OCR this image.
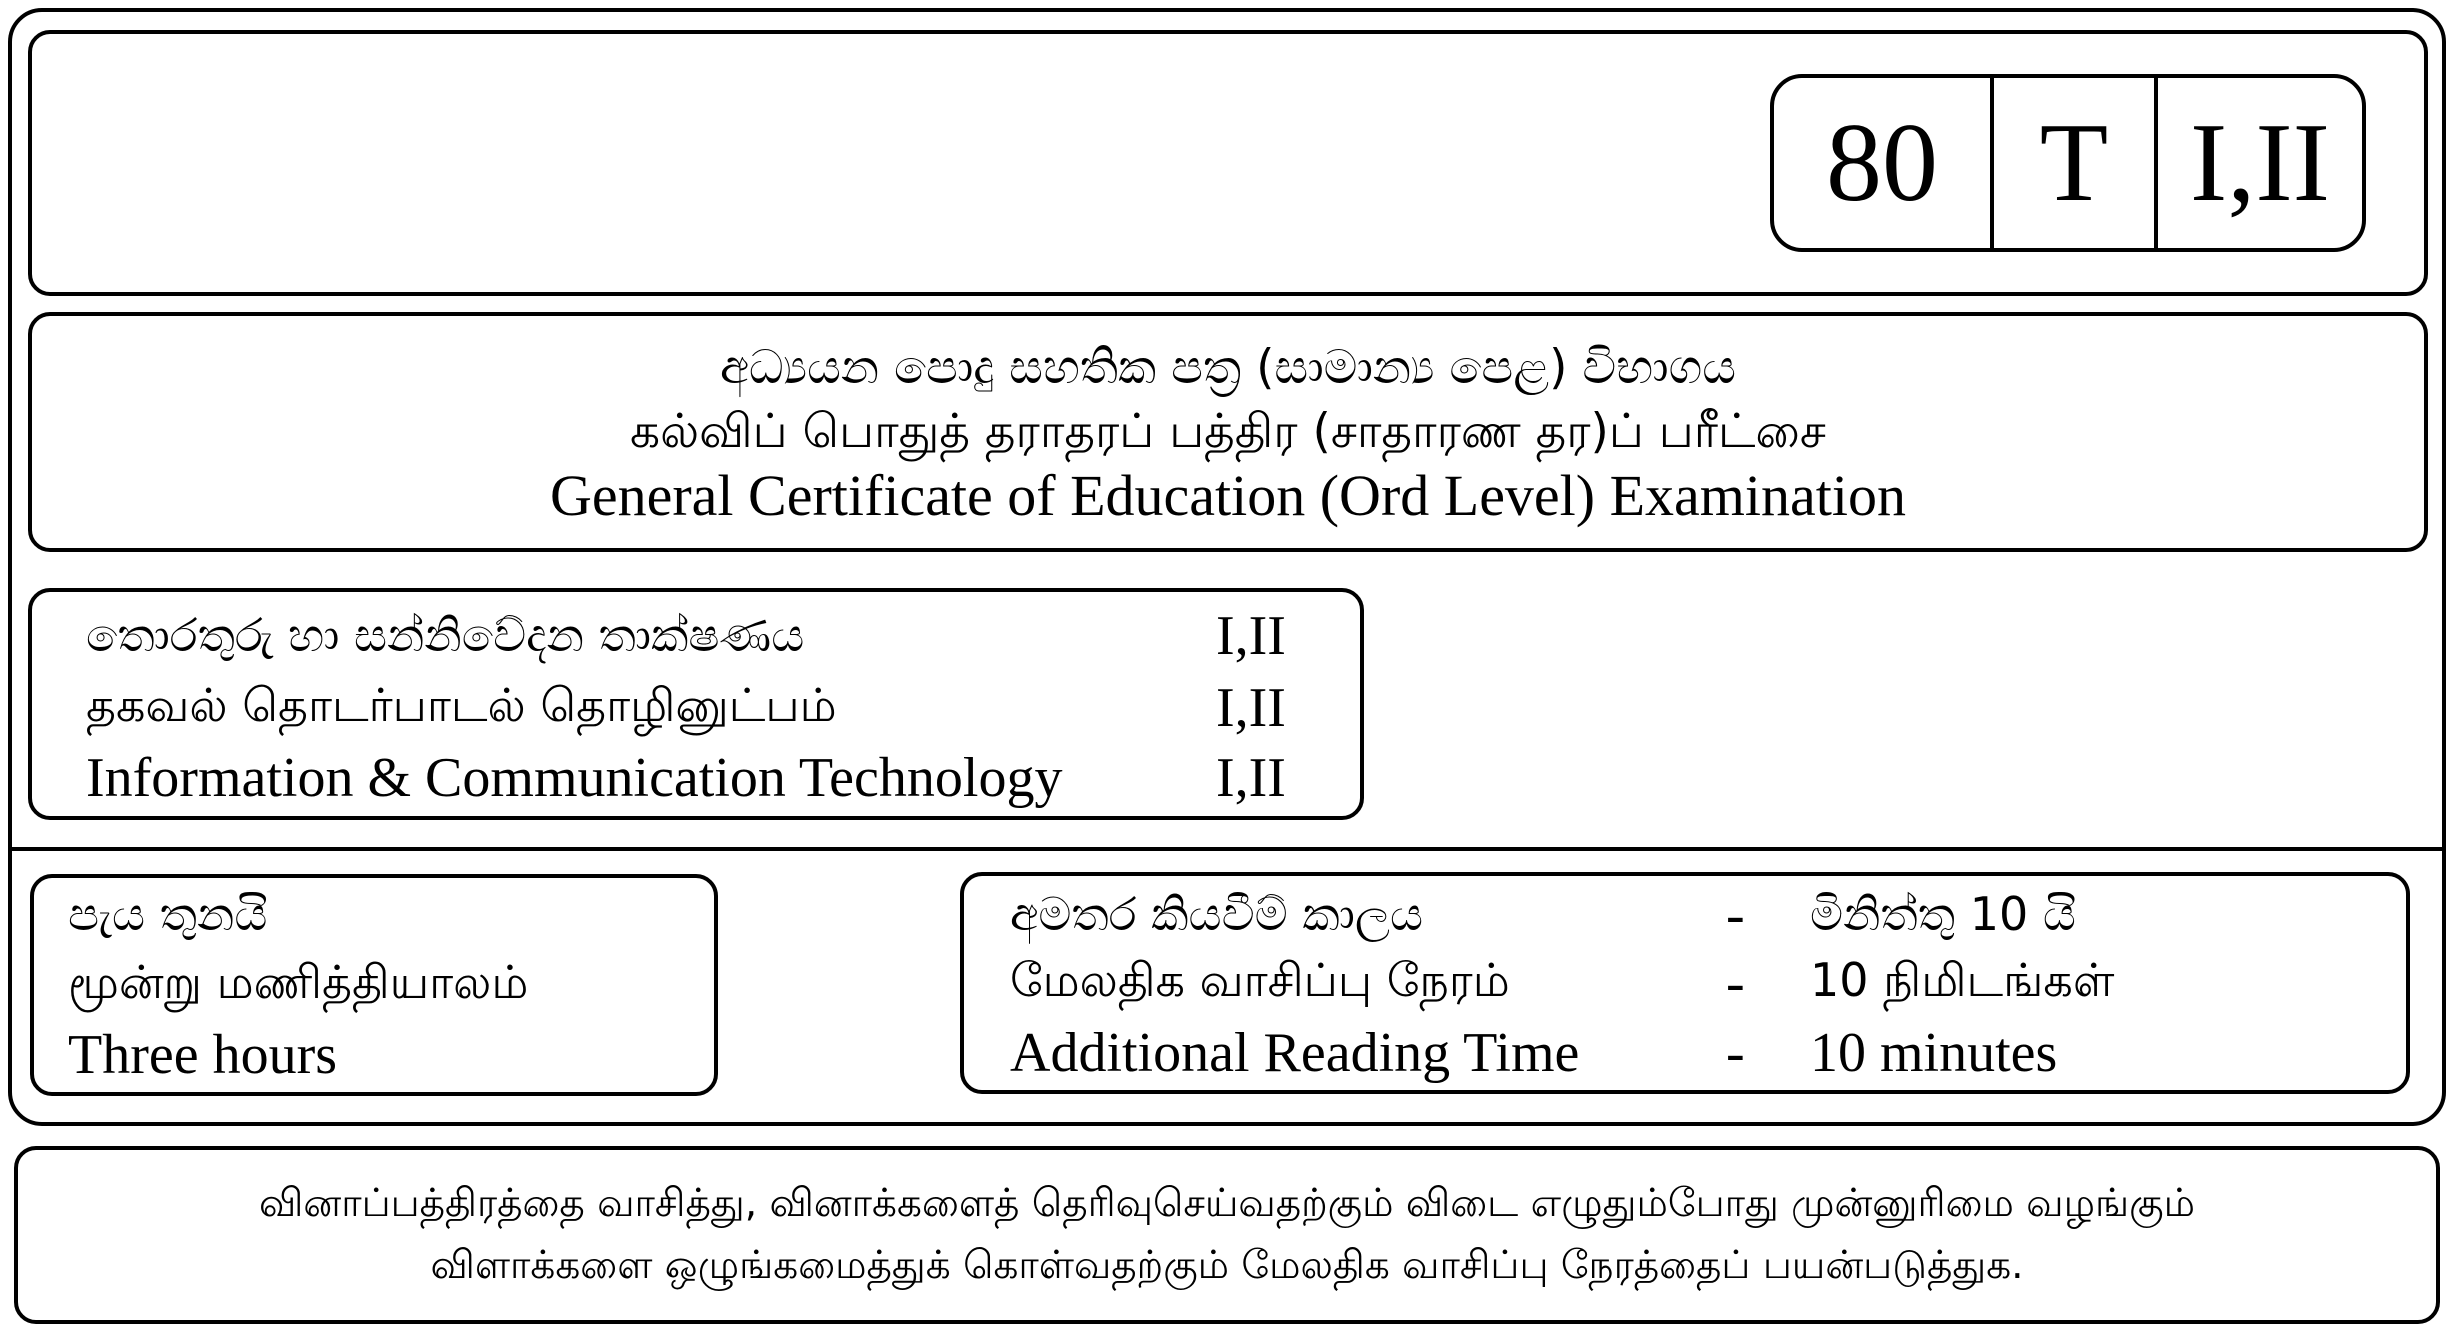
80 T I,II
අධ්‍යයන පොදු සහතික පත්‍ර (සාමාන්‍ය පෙළ) විභාගය
கல்விப் பொதுத் தராதரப் பத்திர (சாதாரண தர)ப் பரீட்சை
General Certificate of Education (Ord Level) Examination
තොරතුරු හා සන්නිවේදන තාක්ෂණය	I,II
தகவல் தொடர்பாடல் தொழினுட்பம்	I,II
Information & Communication Technology	I,II
පැය තුනයි
மூன்று மணித்தியாலம்
Three hours
අමතර කියවීම් කාලය	-	මිනිත්තු 10 යි
மேலதிக வாசிப்பு நேரம்	-	10 நிமிடங்கள்
Additional Reading Time	-	10 minutes
வினாப்பத்திரத்தை வாசித்து, வினாக்களைத் தெரிவுசெய்வதற்கும் விடை எழுதும்போது முன்னுரிமை வழங்கும்
விளாக்களை ஒழுங்கமைத்துக் கொள்வதற்கும் மேலதிக வாசிப்பு நேரத்தைப் பயன்படுத்துக.
